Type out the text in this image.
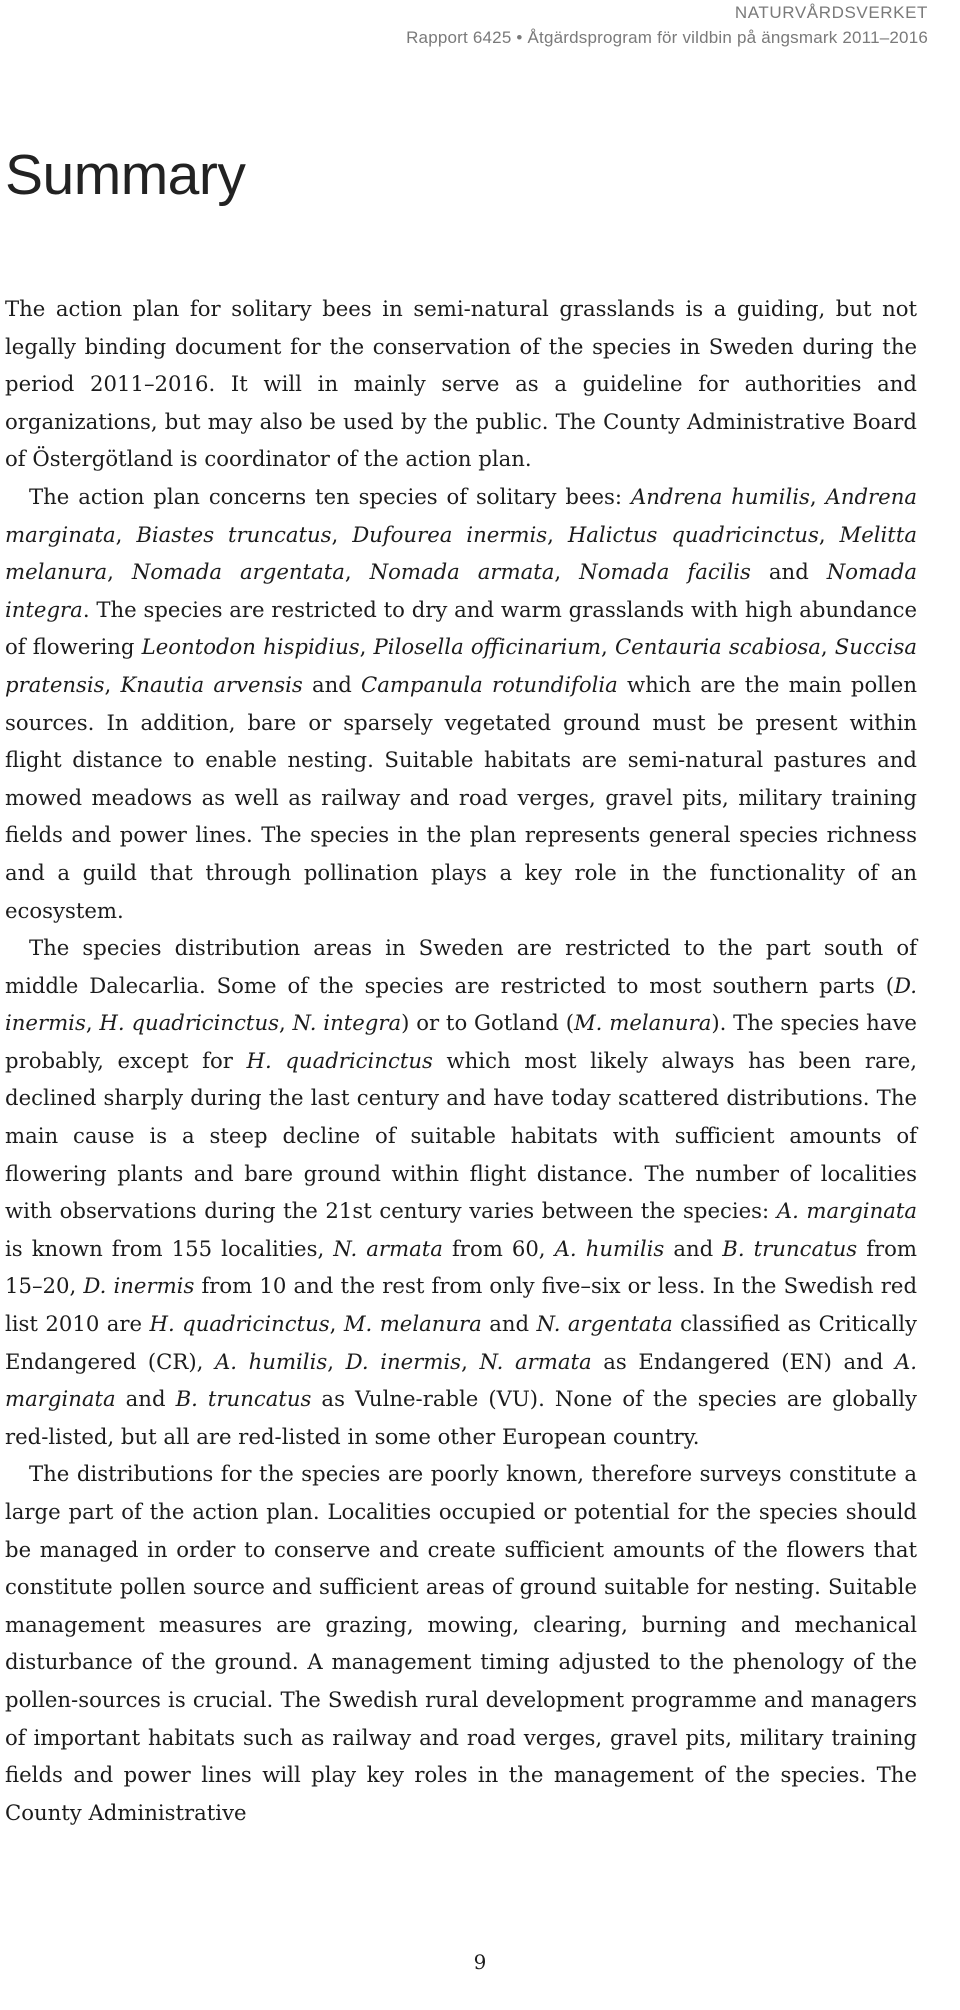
NATURVÅRDSVERKET
Rapport 6425 • Åtgärdsprogram för vildbin på ängsmark 2011–2016
Summary

The action plan for solitary bees in semi-natural grasslands is a guiding, but not legally binding document for the conservation of the species in Sweden during the period 2011–2016. It will in mainly serve as a guideline for authorities and organizations, but may also be used by the public. The County Administrative Board of Östergötland is coordinator of the action plan.

The action plan concerns ten species of solitary bees: Andrena humilis, Andrena marginata, Biastes truncatus, Dufourea inermis, Halictus quadricinctus, Melitta melanura, Nomada argentata, Nomada armata, Nomada facilis and Nomada integra. The species are restricted to dry and warm grasslands with high abundance of flowering Leontodon hispidius, Pilosella officinarium, Centauria scabiosa, Succisa pratensis, Knautia arvensis and Campanula rotundifolia which are the main pollen sources. In addition, bare or sparsely vegetated ground must be present within flight distance to enable nesting. Suitable habitats are semi-natural pastures and mowed meadows as well as railway and road verges, gravel pits, military training fields and power lines. The species in the plan represents general species richness and a guild that through pollination plays a key role in the functionality of an ecosystem.

The species distribution areas in Sweden are restricted to the part south of middle Dalecarlia. Some of the species are restricted to most southern parts (D. inermis, H. quadricinctus, N. integra) or to Gotland (M. melanura). The species have probably, except for H. quadricinctus which most likely always has been rare, declined sharply during the last century and have today scattered distributions. The main cause is a steep decline of suitable habitats with sufficient amounts of flowering plants and bare ground within flight distance. The number of localities with observations during the 21st century varies between the species: A. marginata is known from 155 localities, N. armata from 60, A. humilis and B. truncatus from 15–20, D. inermis from 10 and the rest from only five–six or less. In the Swedish red list 2010 are H. quadricinctus, M. melanura and N. argentata classified as Critically Endangered (CR), A. humilis, D. inermis, N. armata as Endangered (EN) and A. marginata and B. truncatus as Vulne-rable (VU). None of the species are globally red-listed, but all are red-listed in some other European country.

The distributions for the species are poorly known, therefore surveys constitute a large part of the action plan. Localities occupied or potential for the species should be managed in order to conserve and create sufficient amounts of the flowers that constitute pollen source and sufficient areas of ground suitable for nesting. Suitable management measures are grazing, mowing, clearing, burning and mechanical disturbance of the ground. A management timing adjusted to the phenology of the pollen-sources is crucial. The Swedish rural development programme and managers of important habitats such as railway and road verges, gravel pits, military training fields and power lines will play key roles in the management of the species. The County Administrative

9
